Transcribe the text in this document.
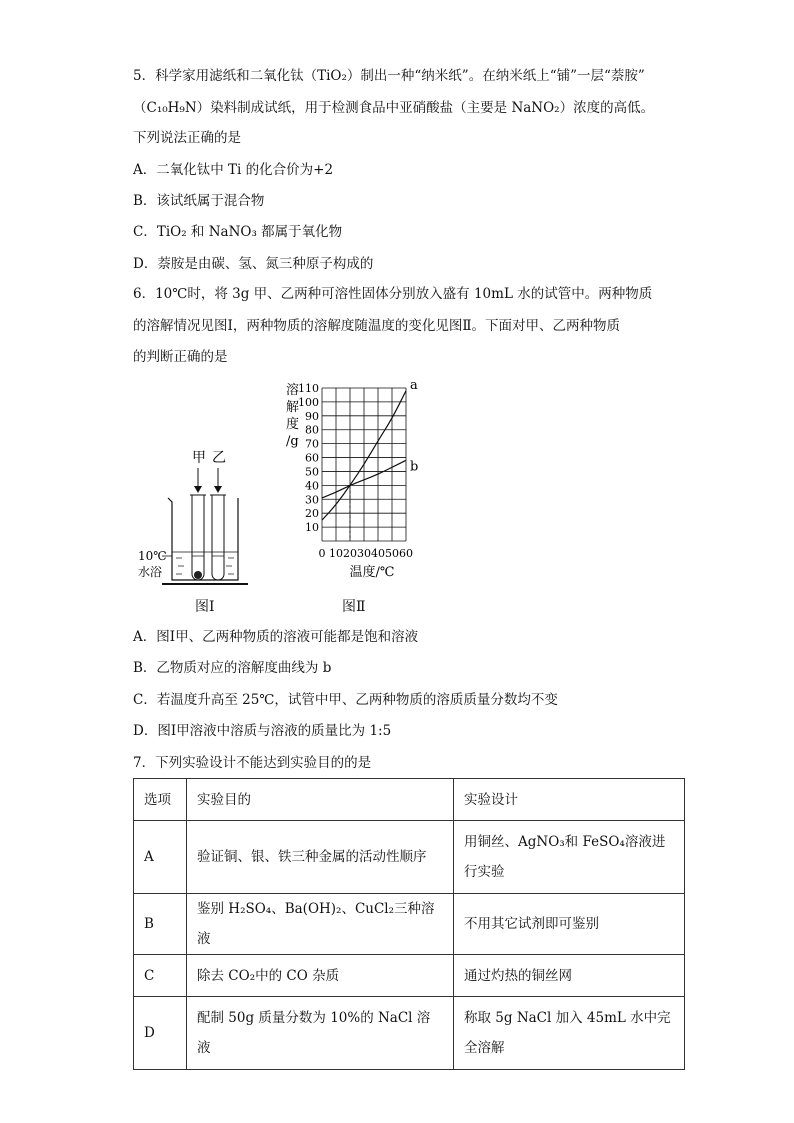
5．科学家用滤纸和二氧化钛（TiO₂）制出一种“纳米纸”。在纳米纸上“铺”一层“萘胺”
（C₁₀H₉N）染料制成试纸，用于检测食品中亚硝酸盐（主要是 NaNO₂）浓度的高低。
下列说法正确的是
A．二氧化钛中 Ti 的化合价为+2
B．该试纸属于混合物
C．TiO₂ 和 NaNO₃ 都属于氧化物
D．萘胺是由碳、氢、氮三种原子构成的
6．10℃时，将 3g 甲、乙两种可溶性固体分别放入盛有 10mL 水的试管中。两种物质
的溶解情况见图Ⅰ，两种物质的溶解度随温度的变化见图Ⅱ。下面对甲、乙两种物质
的判断正确的是
甲 乙
10℃
水浴
图Ⅰ
10
20
30
40
50
60
70
80
90
100
110
0 10 20 30 40 50 60
溶
解
度
/g
温度/℃
a
b
图Ⅱ
A．图Ⅰ甲、乙两种物质的溶液可能都是饱和溶液
B．乙物质对应的溶解度曲线为 b
C．若温度升高至 25℃，试管中甲、乙两种物质的溶质质量分数均不变
D．图Ⅰ甲溶液中溶质与溶液的质量比为 1:5
7．下列实验设计不能达到实验目的的是
选项	实验目的	实验设计
A	验证铜、银、铁三种金属的活动性顺序	用铜丝、AgNO₃和 FeSO₄溶液进行实验
B	鉴别 H₂SO₄、Ba(OH)₂、CuCl₂三种溶液	不用其它试剂即可鉴别
C	除去 CO₂中的 CO 杂质	通过灼热的铜丝网
D	配制 50g 质量分数为 10%的 NaCl 溶液	称取 5g NaCl 加入 45mL 水中完全溶解
